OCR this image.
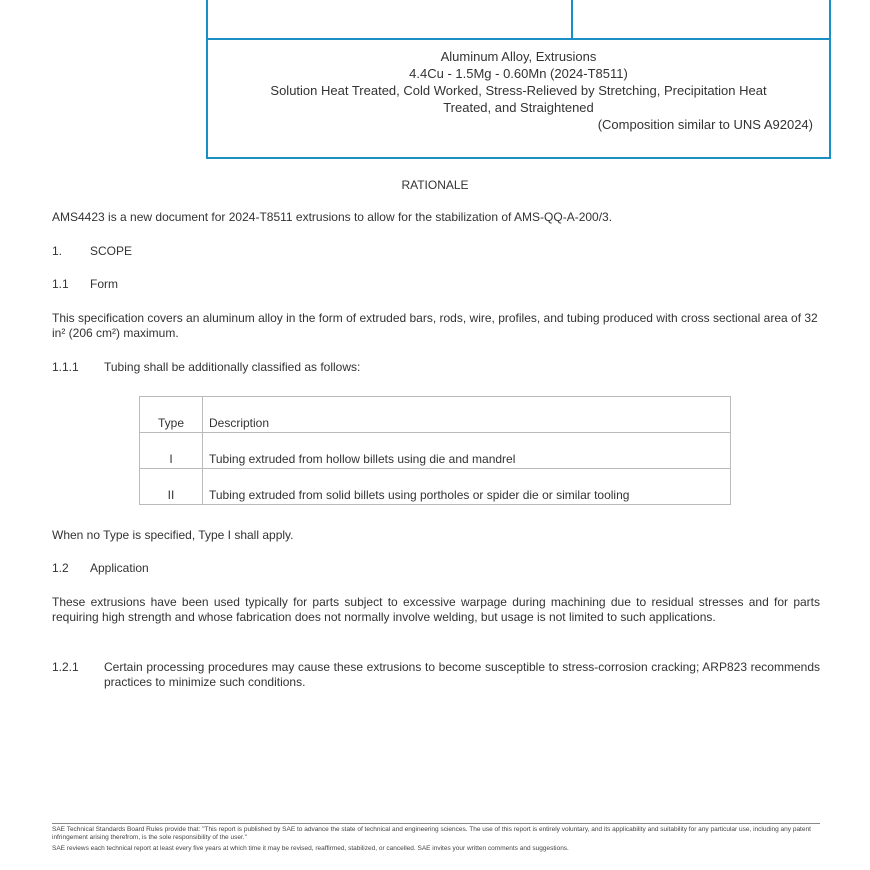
Aluminum Alloy, Extrusions
4.4Cu - 1.5Mg - 0.60Mn (2024-T8511)
Solution Heat Treated, Cold Worked, Stress-Relieved by Stretching, Precipitation Heat
Treated, and Straightened
(Composition similar to UNS A92024)
RATIONALE
AMS4423 is a new document for 2024-T8511 extrusions to allow for the stabilization of AMS-QQ-A-200/3.
1. SCOPE
1.1 Form
This specification covers an aluminum alloy in the form of extruded bars, rods, wire, profiles, and tubing produced with cross sectional area of 32 in² (206 cm²) maximum.
1.1.1 Tubing shall be additionally classified as follows:
Type	Description
I	Tubing extruded from hollow billets using die and mandrel
II	Tubing extruded from solid billets using portholes or spider die or similar tooling
When no Type is specified, Type I shall apply.
1.2 Application
These extrusions have been used typically for parts subject to excessive warpage during machining due to residual stresses and for parts requiring high strength and whose fabrication does not normally involve welding, but usage is not limited to such applications.
1.2.1	Certain processing procedures may cause these extrusions to become susceptible to stress-corrosion cracking; ARP823 recommends practices to minimize such conditions.
SAE Technical Standards Board Rules provide that: "This report is published by SAE to advance the state of technical and engineering sciences. The use of this report is entirely voluntary, and its applicability and suitability for any particular use, including any patent infringement arising therefrom, is the sole responsibility of the user."
SAE reviews each technical report at least every five years at which time it may be revised, reaffirmed, stabilized, or cancelled. SAE invites your written comments and suggestions.
